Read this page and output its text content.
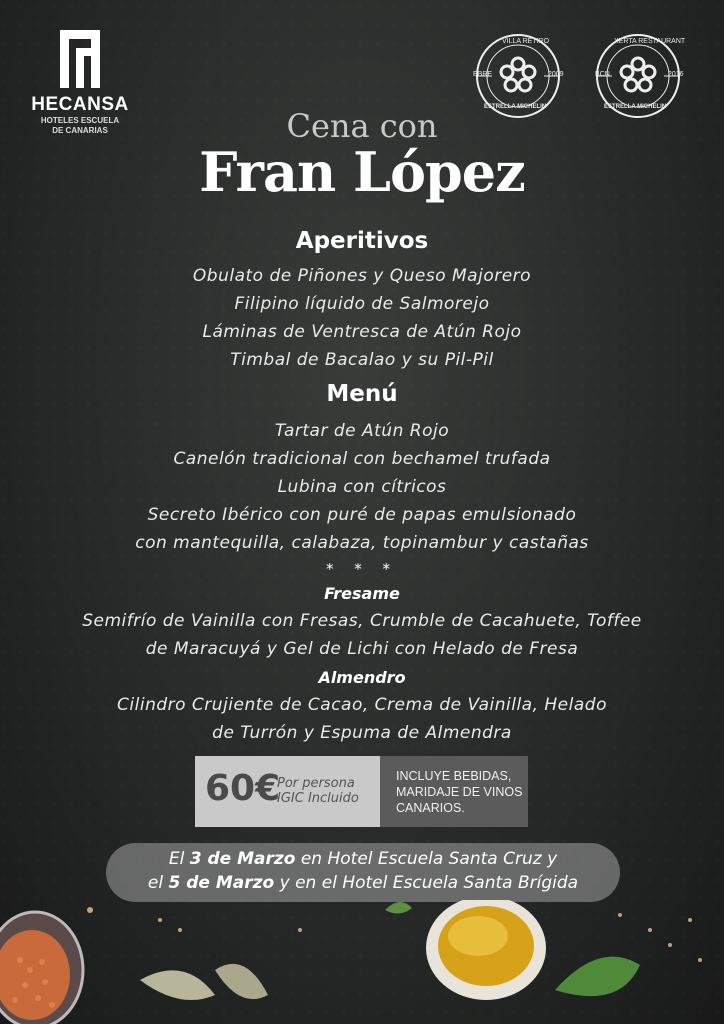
HECANSA
HOTELES ESCUELA
DE CANARIAS
VILLA RETIRO
EBRE	2009
ESTRELLA MICHELIN
XERTA RESTAURANT
BCN	2016
ESTRELLA MICHELIN
Cena con
Fran López
Aperitivos
Obulato de Piñones y Queso Majorero
Filipino líquido de Salmorejo
Láminas de Ventresca de Atún Rojo
Timbal de Bacalao y su Pil-Pil
Menú
Tartar de Atún Rojo
Canelón tradicional con bechamel trufada
Lubina con cítricos
Secreto Ibérico con puré de papas emulsionado
con mantequilla, calabaza, topinambur y castañas
* * *
Fresame
Semifrío de Vainilla con Fresas, Crumble de Cacahuete, Toffee
de Maracuyá y Gel de Lichi con Helado de Fresa
Almendro
Cilindro Crujiente de Cacao, Crema de Vainilla, Helado
de Turrón y Espuma de Almendra
60€
Por persona
IGIC Incluido
INCLUYE BEBIDAS,
MARIDAJE DE VINOS
CANARIOS.
El 3 de Marzo en Hotel Escuela Santa Cruz y
el 5 de Marzo y en el Hotel Escuela Santa Brígida
